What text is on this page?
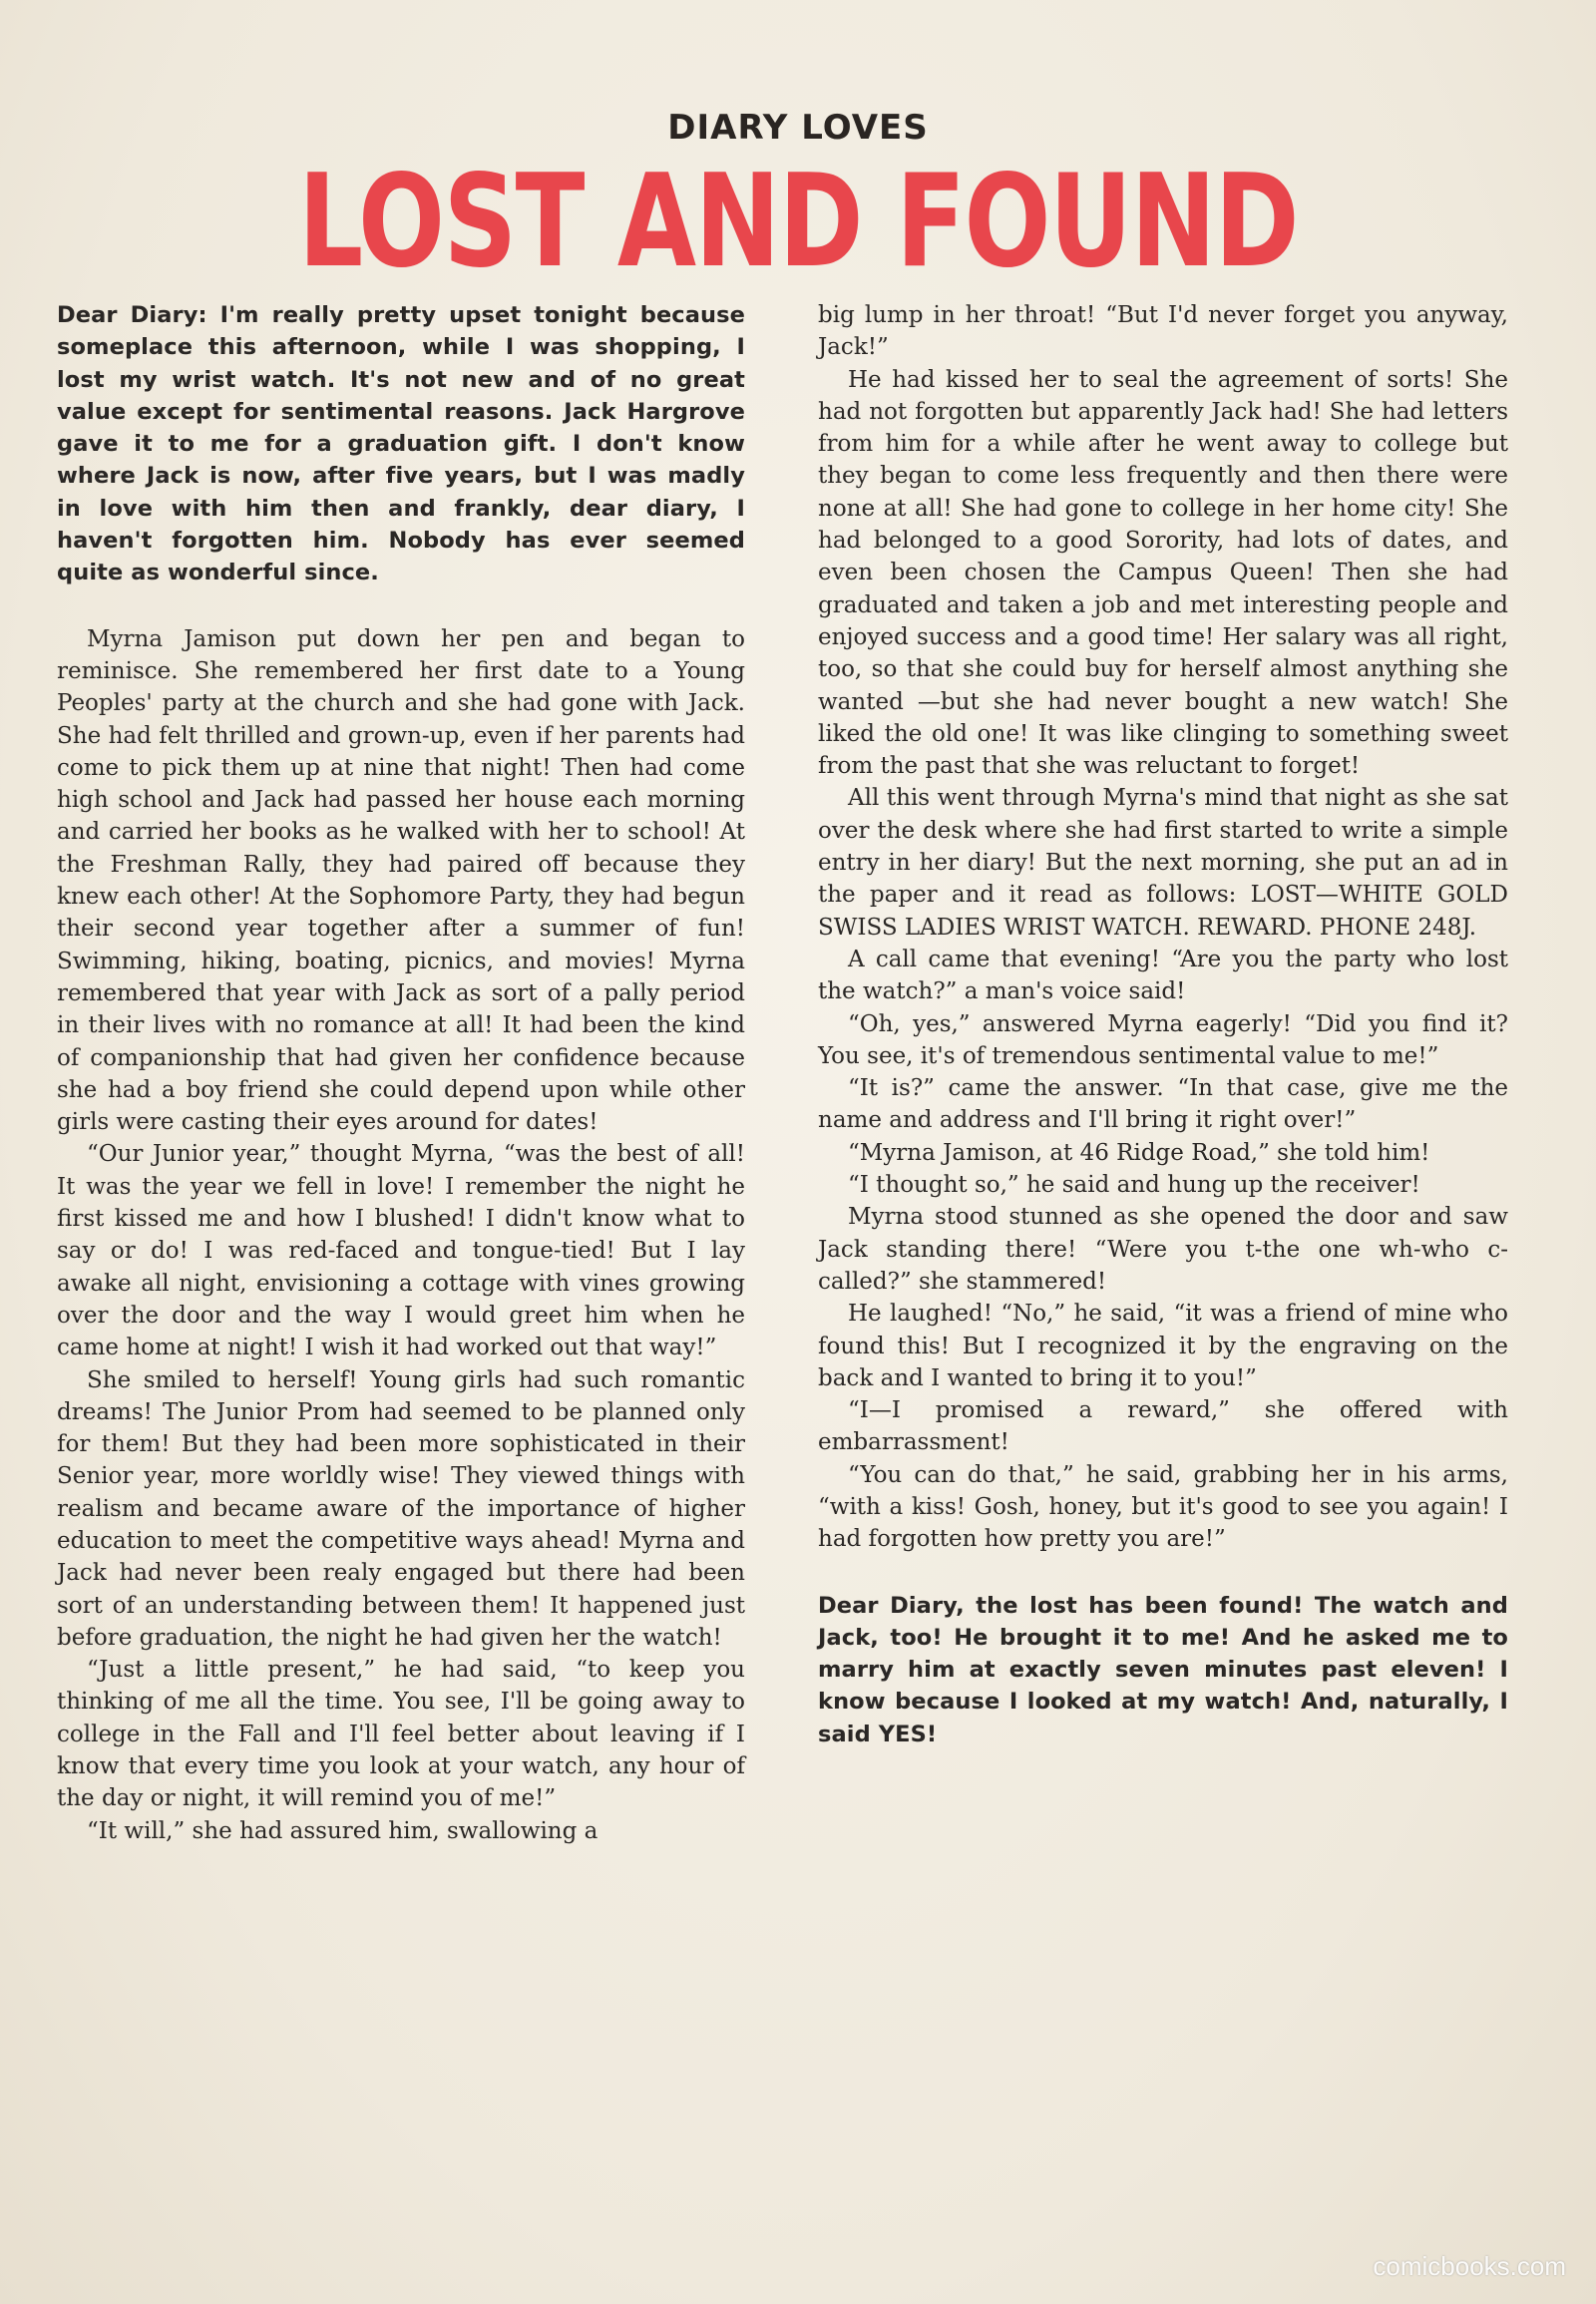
DIARY LOVES
LOST AND FOUND

Dear Diary: I'm really pretty upset tonight because someplace this afternoon, while I was shopping, I lost my wrist watch. It's not new and of no great value except for sentimental reasons. Jack Hargrove gave it to me for a graduation gift. I don't know where Jack is now, after five years, but I was madly in love with him then and frankly, dear diary, I haven't forgotten him. Nobody has ever seemed quite as wonderful since.

Myrna Jamison put down her pen and began to reminisce. She remembered her first date to a Young Peoples' party at the church and she had gone with Jack. She had felt thrilled and grown-up, even if her parents had come to pick them up at nine that night! Then had come high school and Jack had passed her house each morning and carried her books as he walked with her to school! At the Freshman Rally, they had paired off because they knew each other! At the Sophomore Party, they had begun their second year together after a summer of fun! Swimming, hiking, boating, picnics, and movies! Myrna remembered that year with Jack as sort of a pally period in their lives with no romance at all! It had been the kind of companionship that had given her confidence because she had a boy friend she could depend upon while other girls were casting their eyes around for dates!

“Our Junior year,” thought Myrna, “was the best of all! It was the year we fell in love! I remember the night he first kissed me and how I blushed! I didn't know what to say or do! I was red-faced and tongue-tied! But I lay awake all night, envisioning a cottage with vines growing over the door and the way I would greet him when he came home at night! I wish it had worked out that way!”

She smiled to herself! Young girls had such romantic dreams! The Junior Prom had seemed to be planned only for them! But they had been more sophisticated in their Senior year, more worldly wise! They viewed things with realism and became aware of the importance of higher education to meet the competitive ways ahead! Myrna and Jack had never been realy engaged but there had been sort of an understanding between them! It happened just before graduation, the night he had given her the watch!

“Just a little present,” he had said, “to keep you thinking of me all the time. You see, I'll be going away to college in the Fall and I'll feel better about leaving if I know that every time you look at your watch, any hour of the day or night, it will remind you of me!”

“It will,” she had assured him, swallowing a

big lump in her throat! “But I'd never forget you anyway, Jack!”

He had kissed her to seal the agreement of sorts! She had not forgotten but apparently Jack had! She had letters from him for a while after he went away to college but they began to come less frequently and then there were none at all! She had gone to college in her home city! She had belonged to a good Sorority, had lots of dates, and even been chosen the Campus Queen! Then she had graduated and taken a job and met interesting people and enjoyed success and a good time! Her salary was all right, too, so that she could buy for herself almost anything she wanted —but she had never bought a new watch! She liked the old one! It was like clinging to something sweet from the past that she was reluctant to forget!

All this went through Myrna's mind that night as she sat over the desk where she had first started to write a simple entry in her diary! But the next morning, she put an ad in the paper and it read as follows: LOST—WHITE GOLD SWISS LADIES WRIST WATCH. REWARD. PHONE 248J.

A call came that evening! “Are you the party who lost the watch?” a man's voice said!

“Oh, yes,” answered Myrna eagerly! “Did you find it? You see, it's of tremendous sentimental value to me!”

“It is?” came the answer. “In that case, give me the name and address and I'll bring it right over!”

“Myrna Jamison, at 46 Ridge Road,” she told him!

“I thought so,” he said and hung up the receiver!

Myrna stood stunned as she opened the door and saw Jack standing there! “Were you t-the one wh-who c-called?” she stammered!

He laughed! “No,” he said, “it was a friend of mine who found this! But I recognized it by the engraving on the back and I wanted to bring it to you!”

“I—I promised a reward,” she offered with embarrassment!

“You can do that,” he said, grabbing her in his arms, “with a kiss! Gosh, honey, but it's good to see you again! I had forgotten how pretty you are!”

Dear Diary, the lost has been found! The watch and Jack, too! He brought it to me! And he asked me to marry him at exactly seven minutes past eleven! I know because I looked at my watch! And, naturally, I said YES!

comicbooks.com
